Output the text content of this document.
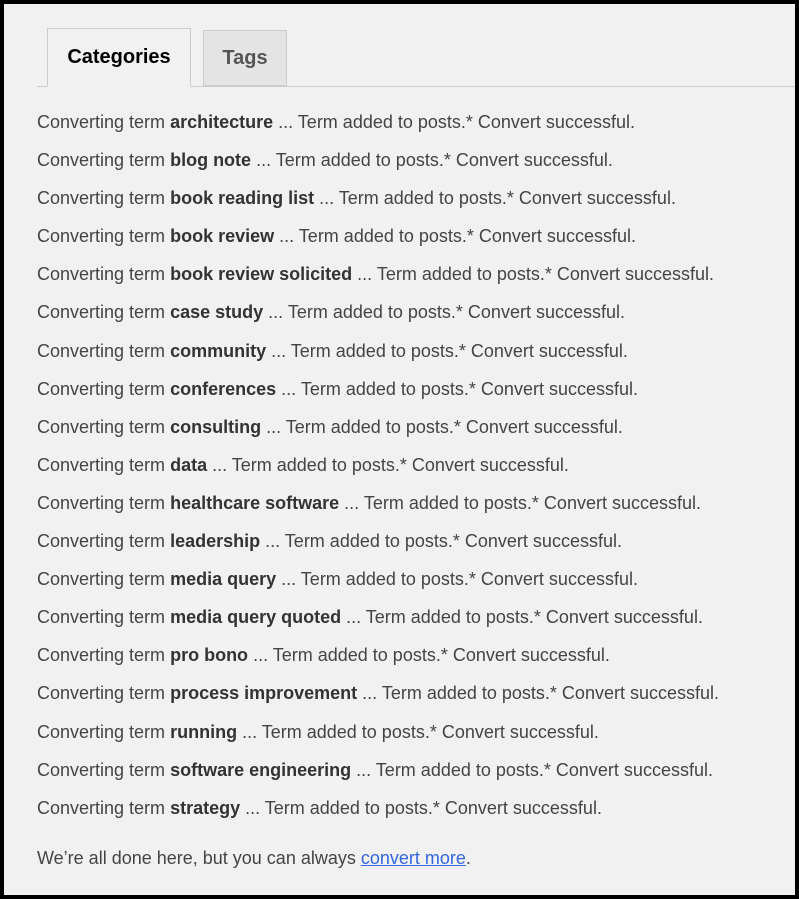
Categories	Tags
Converting term architecture ... Term added to posts.* Convert successful.
Converting term blog note ... Term added to posts.* Convert successful.
Converting term book reading list ... Term added to posts.* Convert successful.
Converting term book review ... Term added to posts.* Convert successful.
Converting term book review solicited ... Term added to posts.* Convert successful.
Converting term case study ... Term added to posts.* Convert successful.
Converting term community ... Term added to posts.* Convert successful.
Converting term conferences ... Term added to posts.* Convert successful.
Converting term consulting ... Term added to posts.* Convert successful.
Converting term data ... Term added to posts.* Convert successful.
Converting term healthcare software ... Term added to posts.* Convert successful.
Converting term leadership ... Term added to posts.* Convert successful.
Converting term media query ... Term added to posts.* Convert successful.
Converting term media query quoted ... Term added to posts.* Convert successful.
Converting term pro bono ... Term added to posts.* Convert successful.
Converting term process improvement ... Term added to posts.* Convert successful.
Converting term running ... Term added to posts.* Convert successful.
Converting term software engineering ... Term added to posts.* Convert successful.
Converting term strategy ... Term added to posts.* Convert successful.
We’re all done here, but you can always convert more.
